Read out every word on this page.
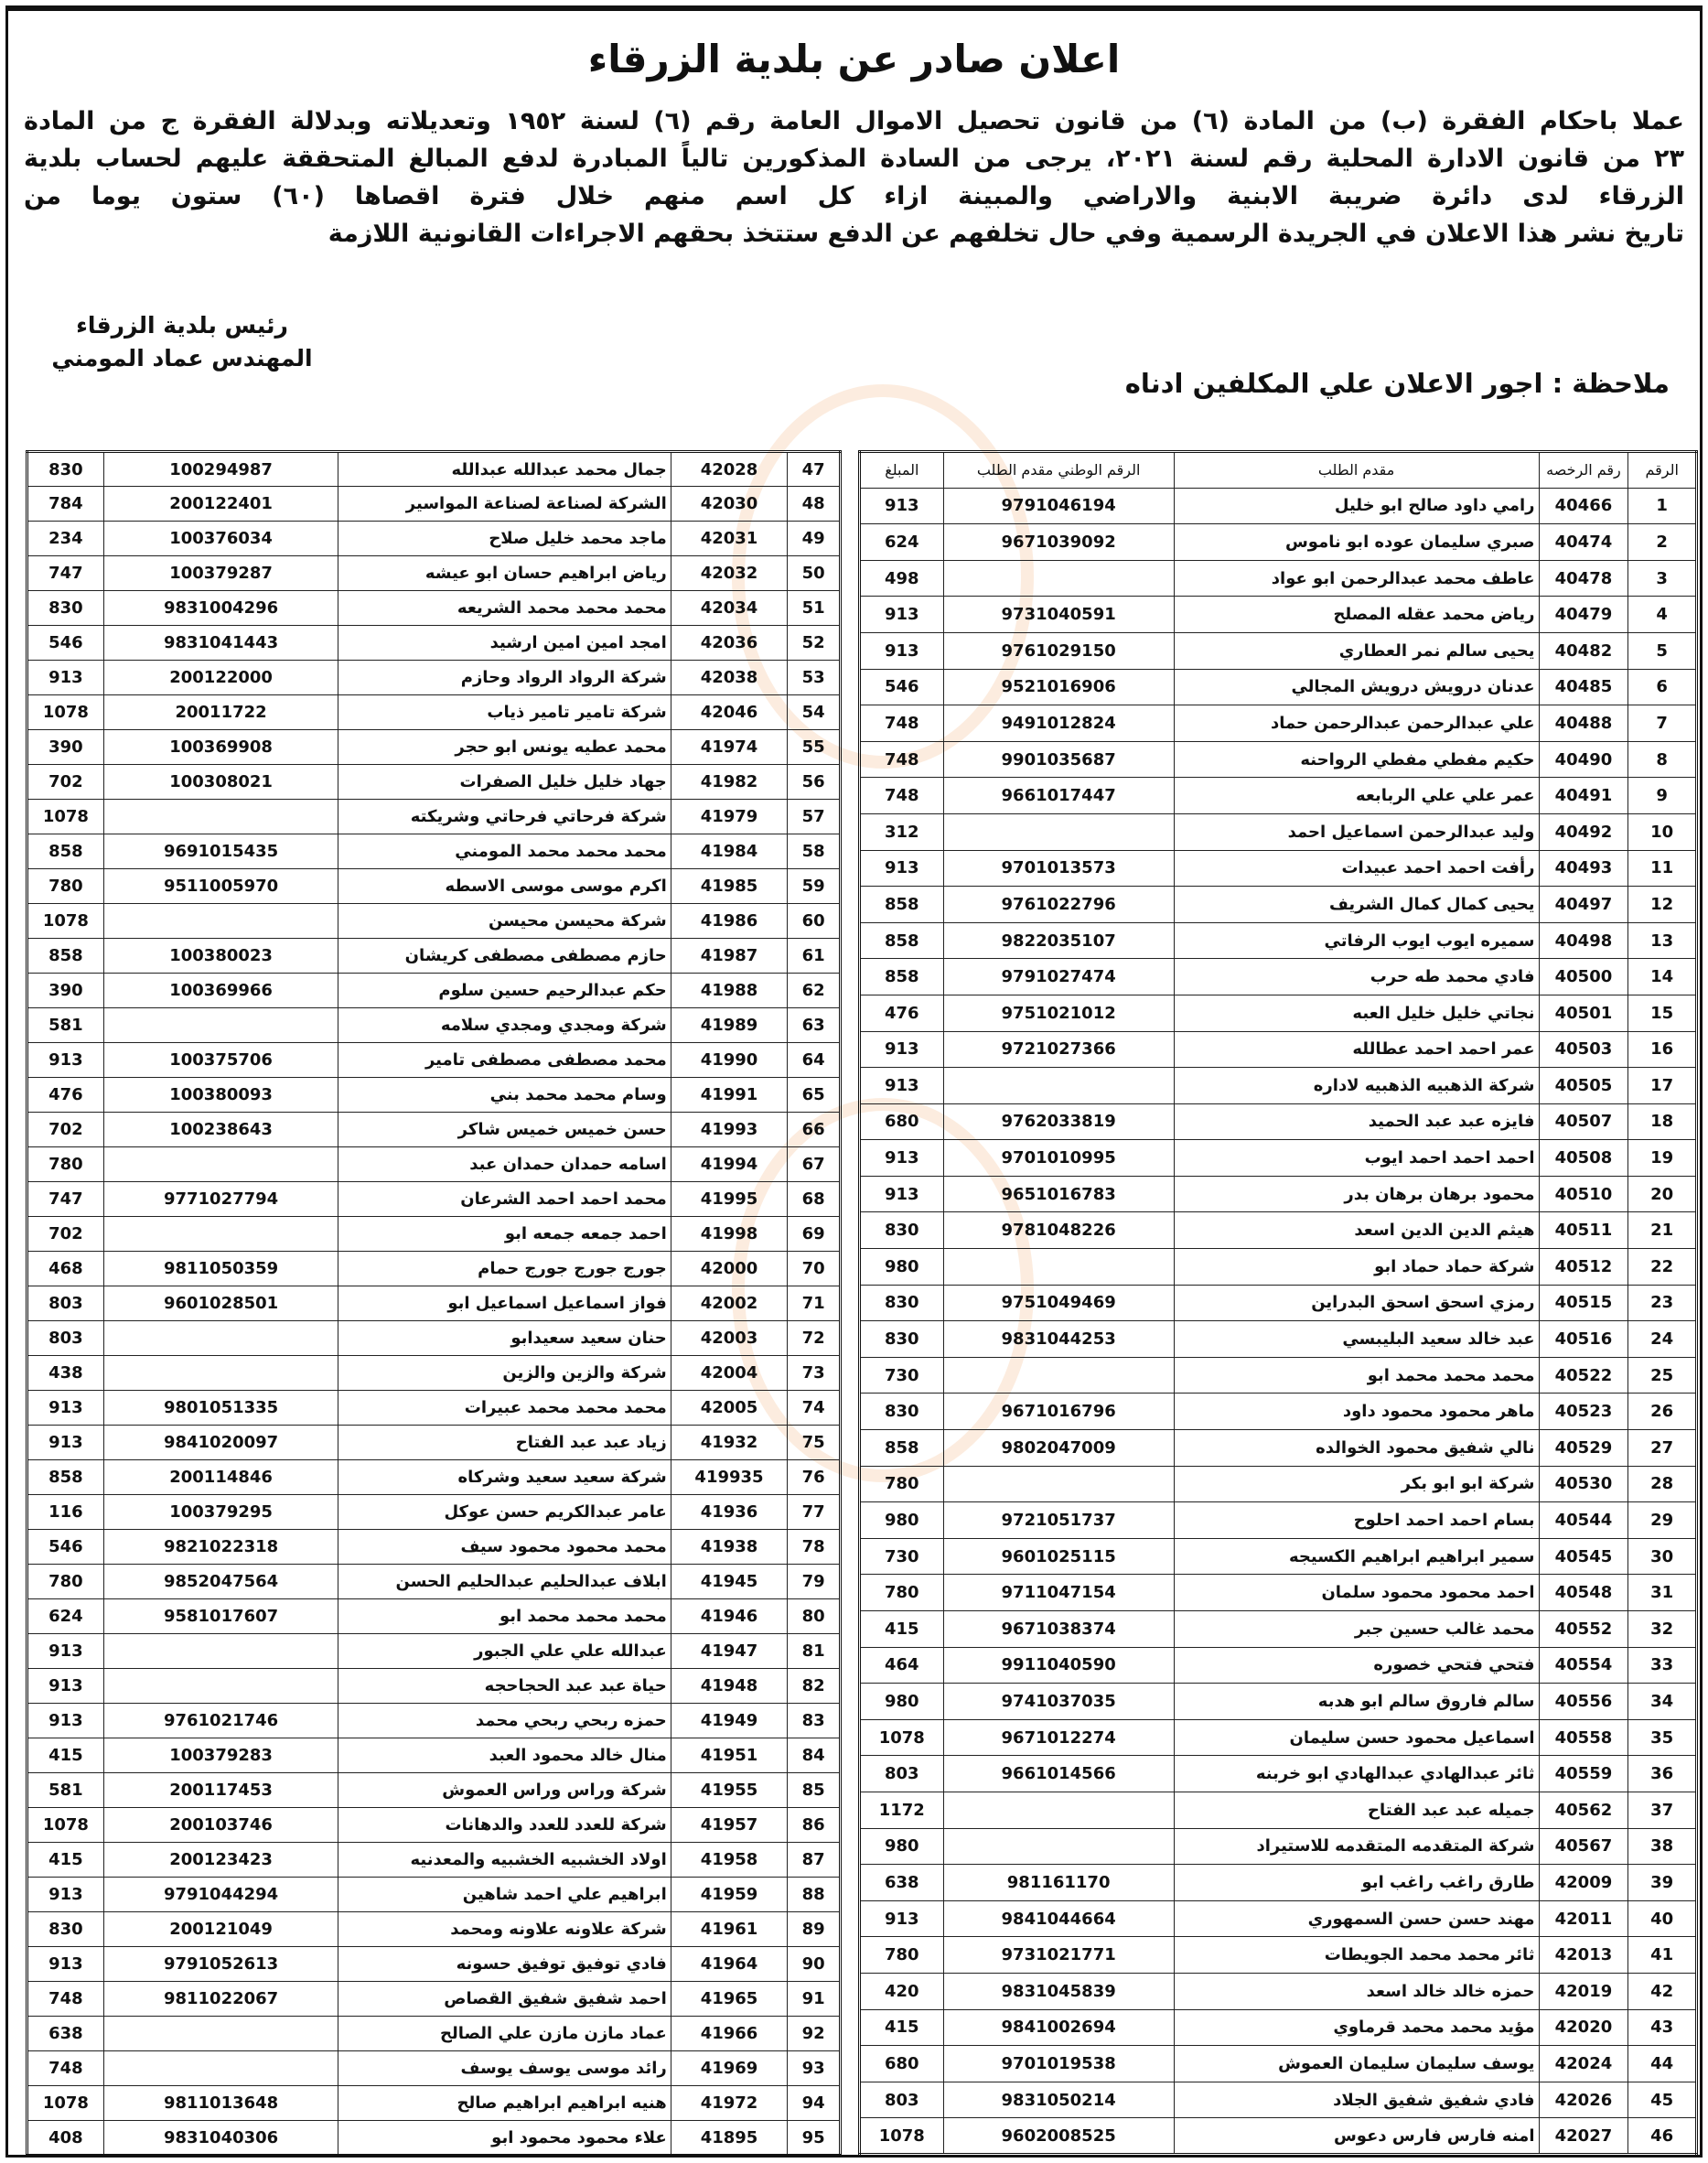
اعلان صادر عن بلدية الزرقاء
عملا باحكام الفقرة (ب) من المادة (٦) من قانون تحصيل الاموال العامة رقم (٦) لسنة ١٩٥٢ وتعديلاته وبدلالة الفقرة ج من المادة
٢٣ من قانون الادارة المحلية رقم لسنة ٢٠٢١، يرجى من السادة المذكورين تالياً المبادرة لدفع المبالغ المتحققة عليهم لحساب بلدية
الزرقاء لدى دائرة ضريبة الابنية والاراضي والمبينة ازاء كل اسم منهم خلال فترة اقصاها (٦٠) ستون يوما من
تاريخ نشر هذا الاعلان في الجريدة الرسمية وفي حال تخلفهم عن الدفع ستتخذ بحقهم الاجراءات القانونية اللازمة
رئيس بلدية الزرقاء
المهندس عماد المومني
ملاحظة : اجور الاعلان علي المكلفين ادناه
الرقم	رقم الرخصه	مقدم الطلب	الرقم الوطني مقدم الطلب	المبلغ
1	40466	رامي داود صالح ابو خليل	9791046194	913
2	40474	صبري سليمان عوده ابو ناموس	9671039092	624
3	40478	عاطف محمد عبدالرحمن ابو عواد		498
4	40479	رياض محمد عقله المصلح	9731040591	913
5	40482	يحيى سالم نمر العطاري	9761029150	913
6	40485	عدنان درويش درويش المجالي	9521016906	546
7	40488	علي عبدالرحمن عبدالرحمن حماد	9491012824	748
8	40490	حكيم مفطي مفطي الرواحنه	9901035687	748
9	40491	عمر علي علي الربابعه	9661017447	748
10	40492	وليد عبدالرحمن اسماعيل احمد		312
11	40493	رأفت احمد احمد عبيدات	9701013573	913
12	40497	يحيى كمال كمال الشريف	9761022796	858
13	40498	سميره ايوب ايوب الرفاتي	9822035107	858
14	40500	فادي محمد طه حرب	9791027474	858
15	40501	نجاتي خليل خليل العبه	9751021012	476
16	40503	عمر احمد احمد عطالله	9721027366	913
17	40505	شركة الذهبيه الذهبيه لاداره		913
18	40507	فايزه عبد عبد الحميد	9762033819	680
19	40508	احمد احمد احمد ايوب	9701010995	913
20	40510	محمود برهان برهان بدر	9651016783	913
21	40511	هيثم الدين الدين اسعد	9781048226	830
22	40512	شركة حماد حماد ابو		980
23	40515	رمزي اسحق اسحق البدراين	9751049469	830
24	40516	عبد خالد سعيد البليبسي	9831044253	830
25	40522	محمد محمد محمد ابو		730
26	40523	ماهر محمود محمود داود	9671016796	830
27	40529	نالي شفيق محمود الخوالده	9802047009	858
28	40530	شركة ابو ابو بكر		780
29	40544	بسام احمد احمد احلوح	9721051737	980
30	40545	سمير ابراهيم ابراهيم الكسيجه	9601025115	730
31	40548	احمد محمود محمود سلمان	9711047154	780
32	40552	محمد غالب حسين جبر	9671038374	415
33	40554	فتحي فتحي خصوره	9911040590	464
34	40556	سالم فاروق سالم ابو هدبه	9741037035	980
35	40558	اسماعيل محمود حسن سليمان	9671012274	1078
36	40559	ثائر عبدالهادي عبدالهادي ابو خربنه	9661014566	803
37	40562	جميله عبد عبد الفتاح		1172
38	40567	شركة المتقدمه المتقدمه للاستيراد		980
39	42009	طارق راغب راغب ابو	981161170	638
40	42011	مهند حسن حسن السمهوري	9841044664	913
41	42013	ثائر محمد محمد الجويطات	9731021771	780
42	42019	حمزه خالد خالد اسعد	9831045839	420
43	42020	مؤيد محمد محمد قرماوي	9841002694	415
44	42024	يوسف سليمان سليمان العموش	9701019538	680
45	42026	فادي شفيق شفيق الجلاد	9831050214	803
46	42027	امنه فارس فارس دعوس	9602008525	1078
47	42028	جمال محمد عبدالله عبدالله	100294987	830
48	42030	الشركة لصناعة لصناعة المواسير	200122401	784
49	42031	ماجد محمد خليل صلاح	100376034	234
50	42032	رياض ابراهيم حسان ابو عيشه	100379287	747
51	42034	محمد محمد محمد الشريعه	9831004296	830
52	42036	امجد امين امين ارشيد	9831041443	546
53	42038	شركة الرواد الرواد وحازم	200122000	913
54	42046	شركة تامير تامير ذياب	20011722	1078
55	41974	محمد عطيه يونس ابو حجر	100369908	390
56	41982	جهاد خليل خليل الصفرات	100308021	702
57	41979	شركة فرحاتي فرحاتي وشريكته		1078
58	41984	محمد محمد محمد المومني	9691015435	858
59	41985	اكرم موسى موسى الاسطه	9511005970	780
60	41986	شركة محيسن محيسن		1078
61	41987	حازم مصطفى مصطفى كريشان	100380023	858
62	41988	حكم عبدالرحيم حسين سلوم	100369966	390
63	41989	شركة ومجدي ومجدي سلامه		581
64	41990	محمد مصطفى مصطفى تامير	100375706	913
65	41991	وسام محمد محمد بني	100380093	476
66	41993	حسن خميس خميس شاكر	100238643	702
67	41994	اسامه حمدان حمدان عبد		780
68	41995	محمد احمد احمد الشرعان	9771027794	747
69	41998	احمد جمعه جمعه ابو		702
70	42000	جورج جورج جورج حمام	9811050359	468
71	42002	فواز اسماعيل اسماعيل ابو	9601028501	803
72	42003	حنان سعيد سعيدابو		803
73	42004	شركة والزين والزين		438
74	42005	محمد محمد محمد عبيرات	9801051335	913
75	41932	زياد عبد عبد الفتاح	9841020097	913
76	419935	شركة سعيد سعيد وشركاه	200114846	858
77	41936	عامر عبدالكريم حسن عوكل	100379295	116
78	41938	محمد محمود محمود سيف	9821022318	546
79	41945	ابلاف عبدالحليم عبدالحليم الحسن	9852047564	780
80	41946	محمد محمد محمد ابو	9581017607	624
81	41947	عبدالله علي علي الجبور		913
82	41948	حياة عبد عبد الحجاحجه		913
83	41949	حمزه ربحي ربحي محمد	9761021746	913
84	41951	منال خالد محمود العبد	100379283	415
85	41955	شركة وراس وراس العموش	200117453	581
86	41957	شركة للعدد للعدد والدهانات	200103746	1078
87	41958	اولاد الخشبيه الخشبيه والمعدنيه	200123423	415
88	41959	ابراهيم علي احمد شاهين	9791044294	913
89	41961	شركة علاونه علاونه ومحمد	200121049	830
90	41964	فادي توفيق توفيق حسونه	9791052613	913
91	41965	احمد شفيق شفيق القصاص	9811022067	748
92	41966	عماد مازن مازن علي الصالح		638
93	41969	رائد موسى يوسف يوسف		748
94	41972	هنيه ابراهيم ابراهيم صالح	9811013648	1078
95	41895	علاء محمود محمود ابو	9831040306	408
